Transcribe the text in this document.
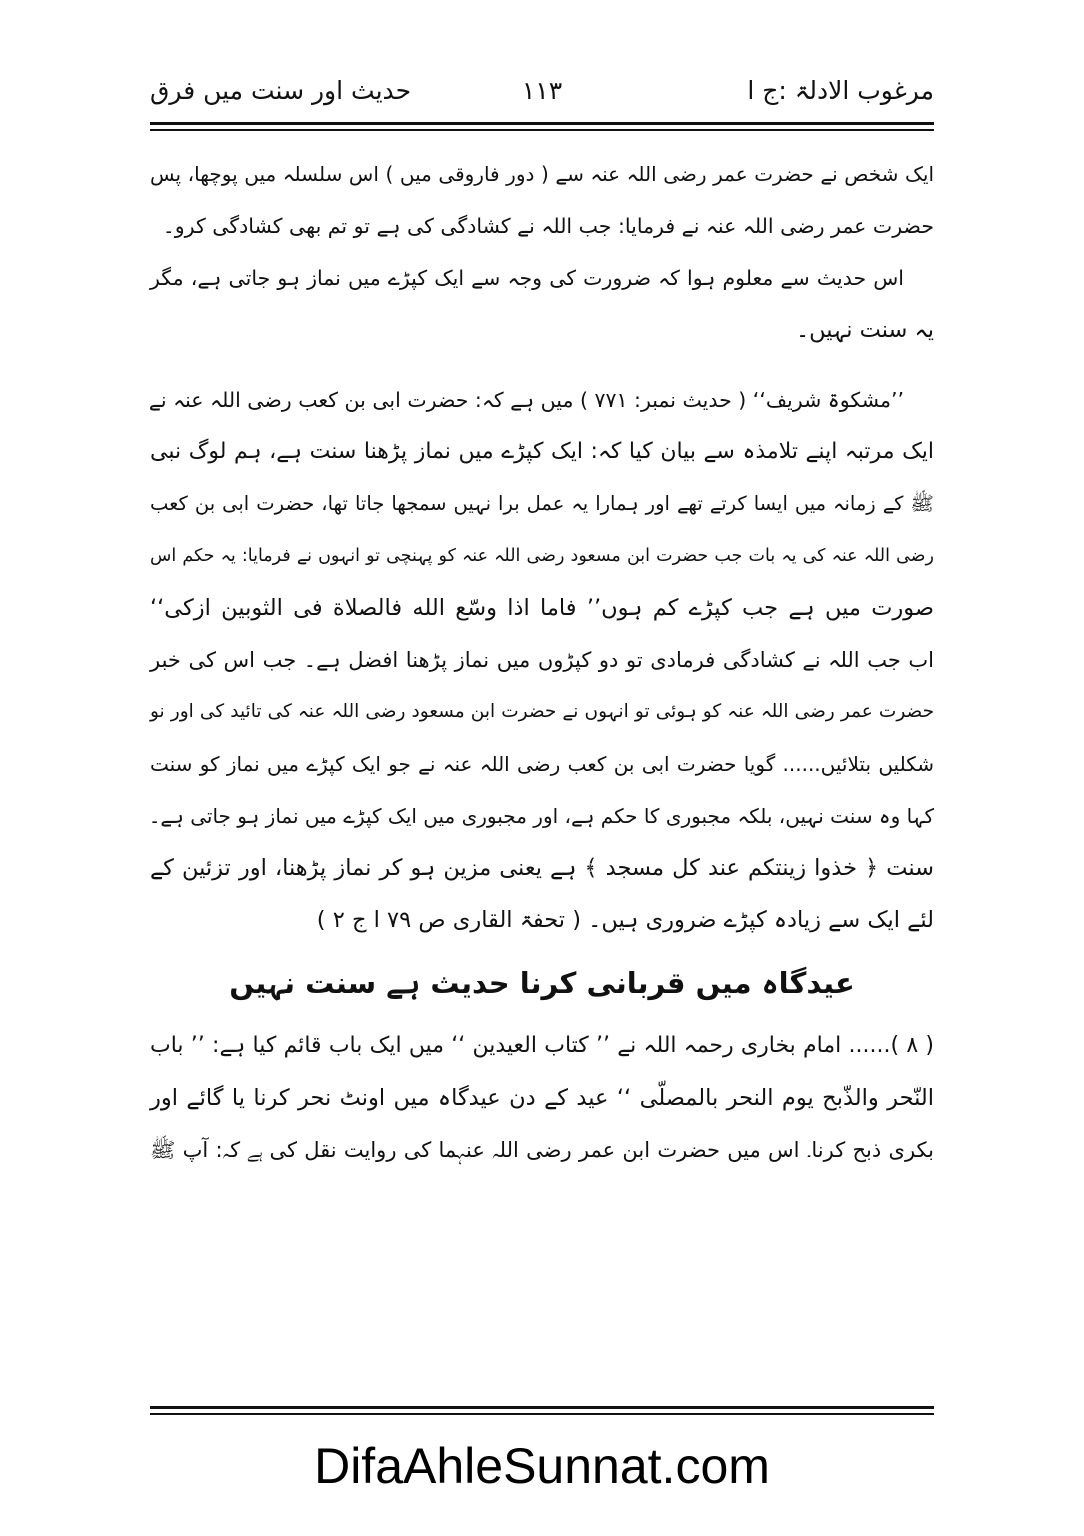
مرغوب الادلۃ :ج ا
۱۱۳
حدیث اور سنت میں فرق
ایک شخص نے حضرت عمر رضی اللہ عنہ سے ( دور فاروقی میں ) اس سلسلہ میں پوچھا، پس
حضرت عمر رضی اللہ عنہ نے فرمایا: جب اللہ نے کشادگی کی ہے تو تم بھی کشادگی کرو۔
اس حدیث سے معلوم ہوا کہ ضرورت کی وجہ سے ایک کپڑے میں نماز ہو جاتی ہے، مگر
یہ سنت نہیں۔
’’مشکوۃ شریف‘‘ ( حدیث نمبر: ۷۷۱ ) میں ہے کہ: حضرت ابی بن کعب رضی اللہ عنہ نے
ایک مرتبہ اپنے تلامذہ سے بیان کیا کہ: ایک کپڑے میں نماز پڑھنا سنت ہے، ہم لوگ نبی
ﷺ کے زمانہ میں ایسا کرتے تھے اور ہمارا یہ عمل برا نہیں سمجھا جاتا تھا، حضرت ابی بن کعب
رضی اللہ عنہ کی یہ بات جب حضرت ابن مسعود رضی اللہ عنہ کو پہنچی تو انہوں نے فرمایا: یہ حکم اس
صورت میں ہے جب کپڑے کم ہوں’’ فاما اذا وسّع الله فالصلاة فى الثوبين ازكى‘‘
اب جب اللہ نے کشادگی فرمادی تو دو کپڑوں میں نماز پڑھنا افضل ہے۔ جب اس کی خبر
حضرت عمر رضی اللہ عنہ کو ہوئی تو انہوں نے حضرت ابن مسعود رضی اللہ عنہ کی تائید کی اور نو
شکلیں بتلائیں...... گویا حضرت ابی بن کعب رضی اللہ عنہ نے جو ایک کپڑے میں نماز کو سنت
کہا وہ سنت نہیں، بلکہ مجبوری کا حکم ہے، اور مجبوری میں ایک کپڑے میں نماز ہو جاتی ہے۔
سنت ﴿ خذوا زينتكم عند كل مسجد ﴾ ہے یعنی مزین ہو کر نماز پڑھنا، اور تزئین کے
لئے ایک سے زیادہ کپڑے ضروری ہیں۔ ( تحفۃ القاری ص ۷۹ ا ج ۲ )
عیدگاہ میں قربانی کرنا حدیث ہے سنت نہیں
( ۸ )...... امام بخاری رحمہ اللہ نے ’’ كتاب العيدين ‘‘ میں ایک باب قائم کیا ہے: ’’ باب
النّحر والذّبح يوم النحر بالمصلّى ‘‘ عید کے دن عیدگاہ میں اونٹ نحر کرنا یا گائے اور
بکری ذبح کرنا۔ اس میں حضرت ابن عمر رضی اللہ عنہما کی روایت نقل کی ہے کہ: آپ ﷺ
DifaAhleSunnat.com
